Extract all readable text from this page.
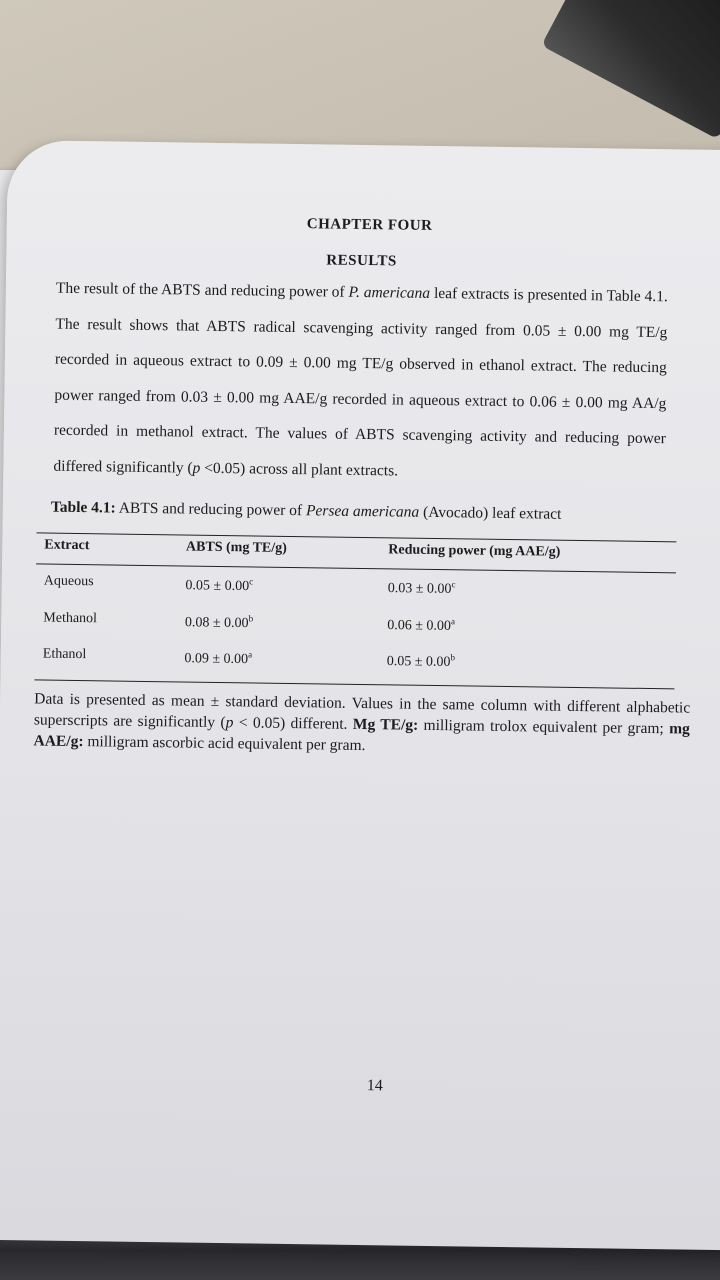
CHAPTER FOUR
RESULTS
The result of the ABTS and reducing power of P. americana leaf extracts is presented in Table 4.1. The result shows that ABTS radical scavenging activity ranged from 0.05 ± 0.00 mg TE/g recorded in aqueous extract to 0.09 ± 0.00 mg TE/g observed in ethanol extract. The reducing power ranged from 0.03 ± 0.00 mg AAE/g recorded in aqueous extract to 0.06 ± 0.00 mg AA/g recorded in methanol extract. The values of ABTS scavenging activity and reducing power differed significantly (p <0.05) across all plant extracts.
Table 4.1: ABTS and reducing power of Persea americana (Avocado) leaf extract
Extract	ABTS (mg TE/g)	Reducing power (mg AAE/g)
Aqueous	0.05 ± 0.00$^c$	0.03 ± 0.00$^c$
Methanol	0.08 ± 0.00$^b$	0.06 ± 0.00$^a$
Ethanol	0.09 ± 0.00$^a$	0.05 ± 0.00$^b$
Data is presented as mean ± standard deviation. Values in the same column with different alphabetic superscripts are significantly (p < 0.05) different. Mg TE/g: milligram trolox equivalent per gram; mg AAE/g: milligram ascorbic acid equivalent per gram.
14
